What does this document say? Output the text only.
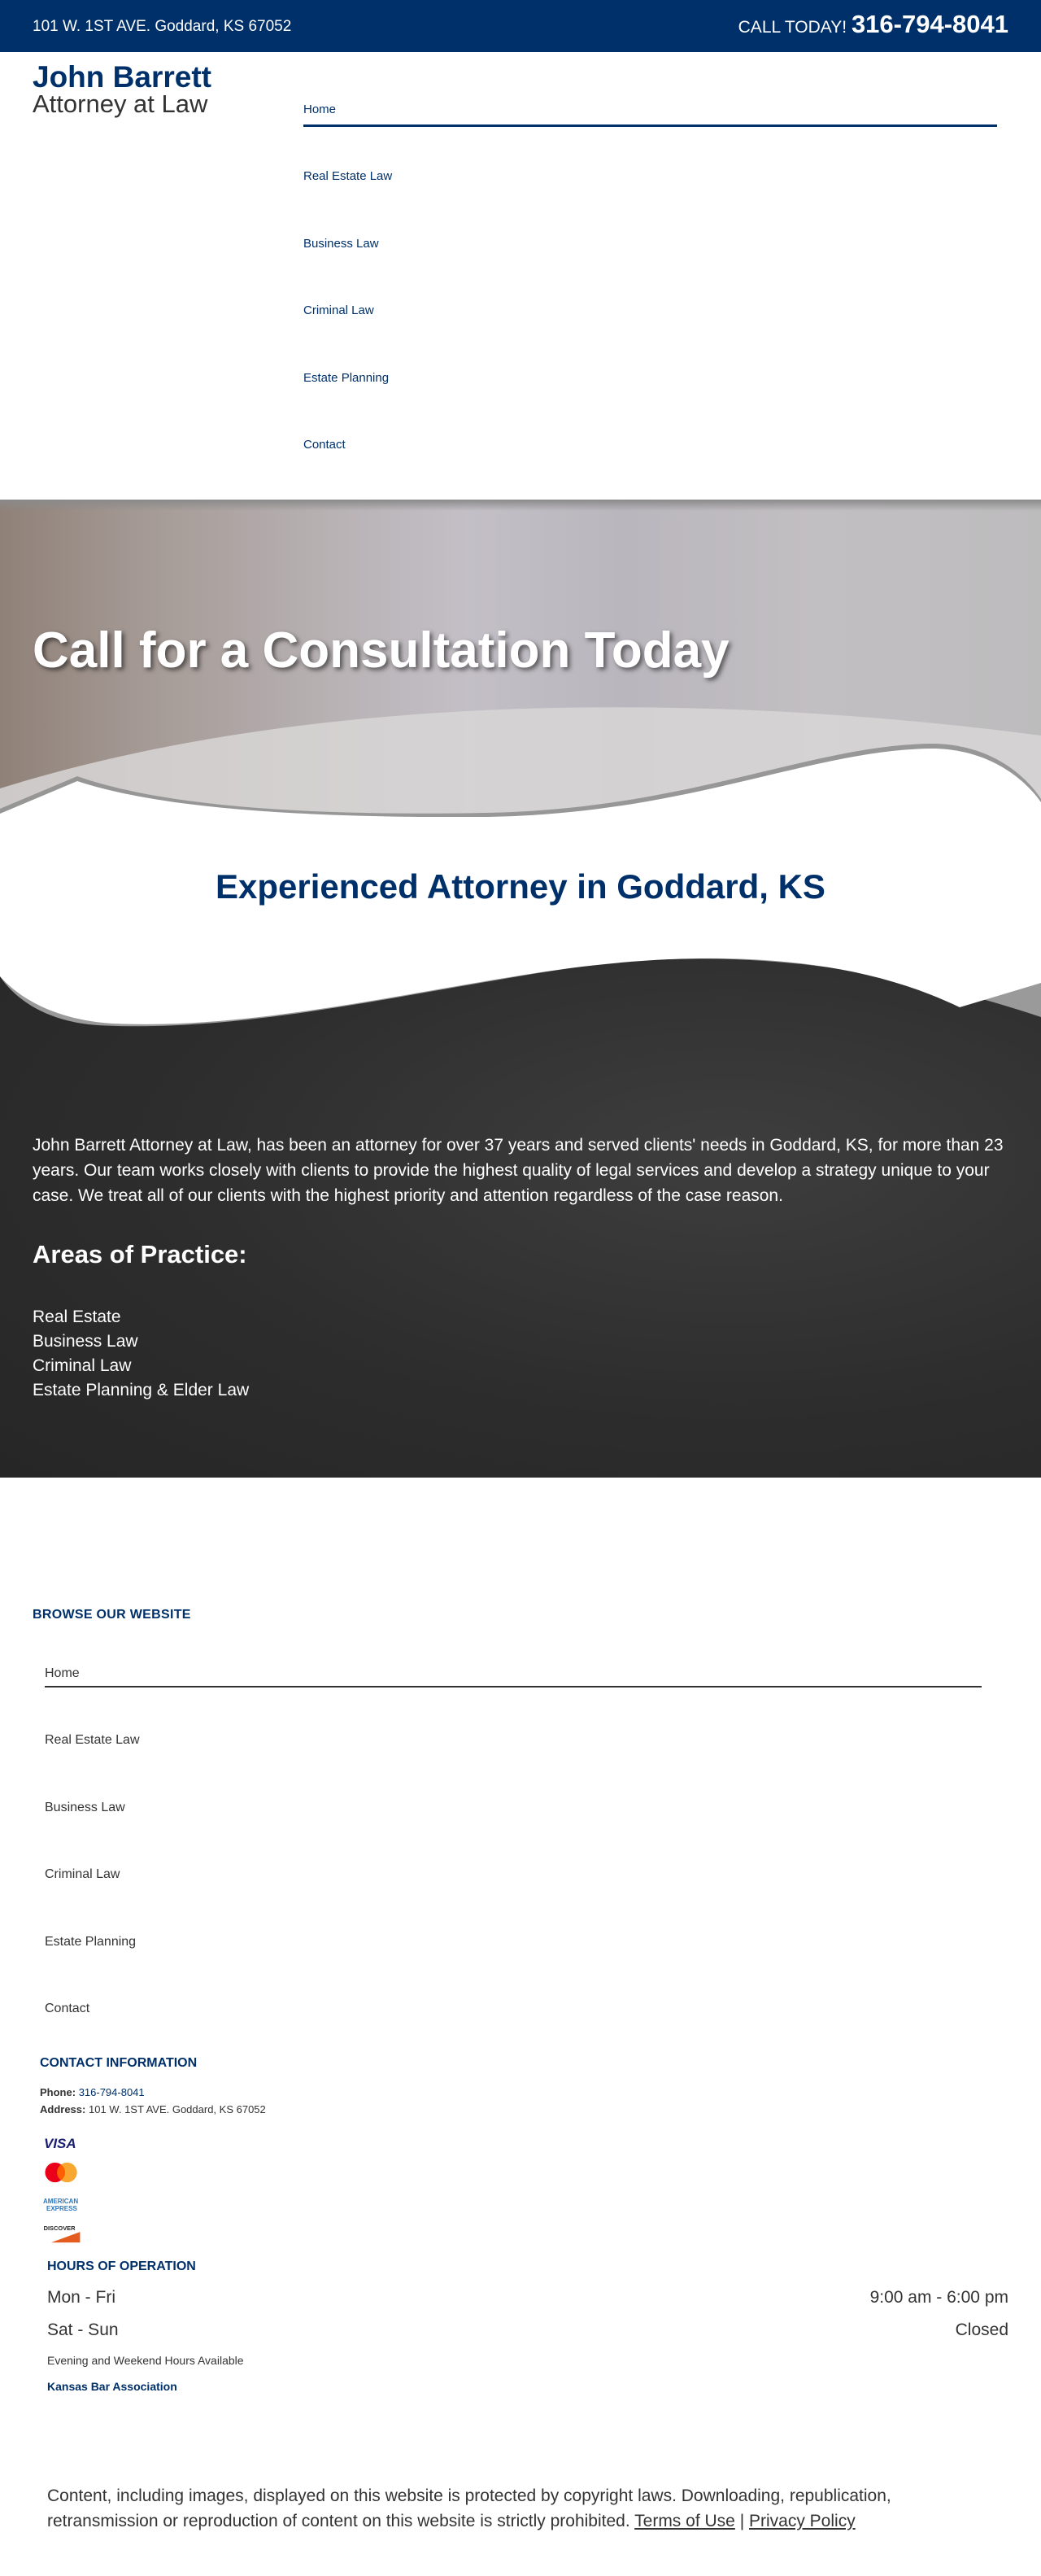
101 W. 1ST AVE. Goddard, KS 67052	CALL TODAY! 316-794-8041
John Barrett
Attorney at Law	Home
Real Estate Law
Business Law
Criminal Law
Estate Planning
Contact
Call for a Consultation Today
Experienced Attorney in Goddard, KS

John Barrett Attorney at Law, has been an attorney for over 37 years and served clients' needs in Goddard, KS, for more than 23 years. Our team works closely with clients to provide the highest quality of legal services and develop a strategy unique to your case. We treat all of our clients with the highest priority and attention regardless of the case reason.

Areas of Practice:
Real Estate
Business Law
Criminal Law
Estate Planning & Elder Law
BROWSE OUR WEBSITE
Home
Real Estate Law
Business Law
Criminal Law
Estate Planning
Contact
CONTACT INFORMATION
Phone: 316-794-8041
Address: 101 W. 1ST AVE. Goddard, KS 67052
VISA
AMERICAN
EXPRESS
DISCOVER
HOURS OF OPERATION
Mon - Fri	9:00 am - 6:00 pm
Sat - Sun	Closed
Evening and Weekend Hours Available
Kansas Bar Association

Content, including images, displayed on this website is protected by copyright laws. Downloading, republication, retransmission or reproduction of content on this website is strictly prohibited. Terms of Use | Privacy Policy
